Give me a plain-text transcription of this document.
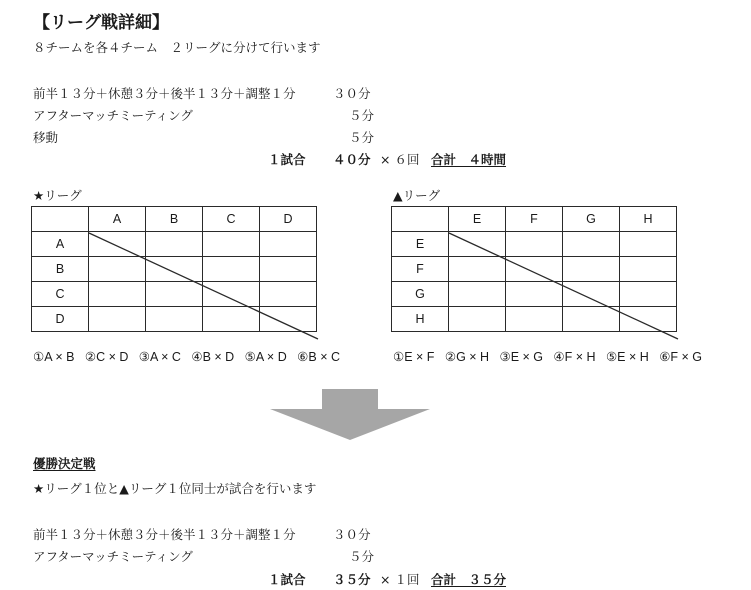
【リーグ戦詳細】
８チームを各４チーム　２リーグに分けて行います
前半１３分＋休憩３分＋後半１３分＋調整１分	３０分
アフターマッチミーティング	５分
移動	５分
１試合 ４０分 × ６回 合計　４時間
★リーグ
	A	B	C	D
A				
B				
C				
D				
①A × B ②C × D ③A × C ④B × D ⑤A × D ⑥B × C
▲リーグ
	E	F	G	H
E				
F				
G				
H				
①E × F ②G × H ③E × G ④F × H ⑤E × H ⑥F × G
優勝決定戦
★リーグ１位と▲リーグ１位同士が試合を行います
前半１３分＋休憩３分＋後半１３分＋調整１分	３０分
アフターマッチミーティング	５分
１試合 ３５分 × １回 合計　３５分
